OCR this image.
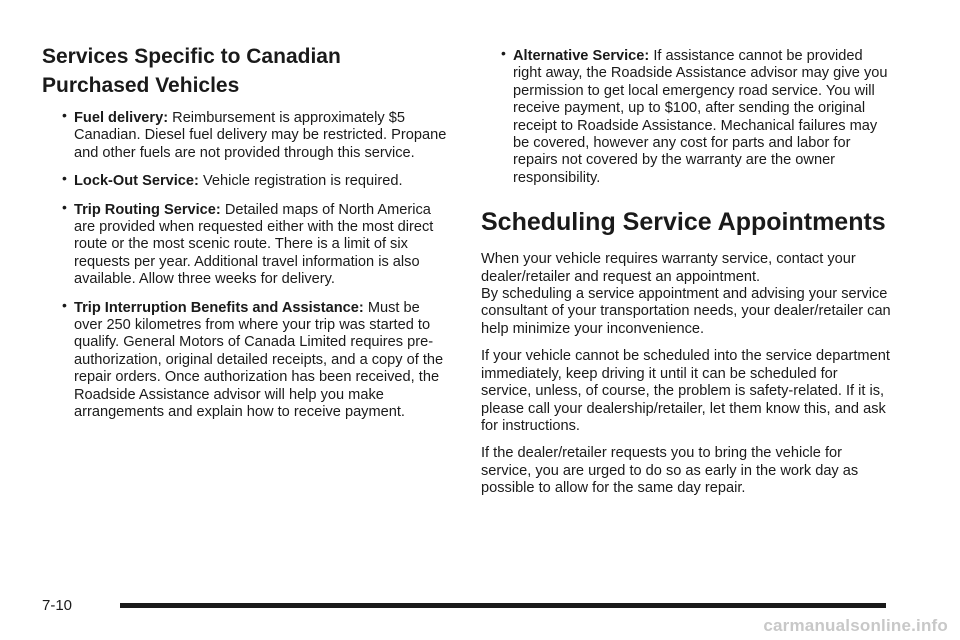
Services Specific to Canadian Purchased Vehicles
• Fuel delivery: Reimbursement is approximately $5 Canadian. Diesel fuel delivery may be restricted. Propane and other fuels are not provided through this service.
• Lock-Out Service: Vehicle registration is required.
• Trip Routing Service: Detailed maps of North America are provided when requested either with the most direct route or the most scenic route. There is a limit of six requests per year. Additional travel information is also available. Allow three weeks for delivery.
• Trip Interruption Benefits and Assistance: Must be over 250 kilometres from where your trip was started to qualify. General Motors of Canada Limited requires pre-authorization, original detailed receipts, and a copy of the repair orders. Once authorization has been received, the Roadside Assistance advisor will help you make arrangements and explain how to receive payment.
• Alternative Service: If assistance cannot be provided right away, the Roadside Assistance advisor may give you permission to get local emergency road service. You will receive payment, up to $100, after sending the original receipt to Roadside Assistance. Mechanical failures may be covered, however any cost for parts and labor for repairs not covered by the warranty are the owner responsibility.
Scheduling Service Appointments

When your vehicle requires warranty service, contact your dealer/retailer and request an appointment.

By scheduling a service appointment and advising your service consultant of your transportation needs, your dealer/retailer can help minimize your inconvenience.

If your vehicle cannot be scheduled into the service department immediately, keep driving it until it can be scheduled for service, unless, of course, the problem is safety-related. If it is, please call your dealership/retailer, let them know this, and ask for instructions.

If the dealer/retailer requests you to bring the vehicle for service, you are urged to do so as early in the work day as possible to allow for the same day repair.

7-10
carmanualsonline.info
